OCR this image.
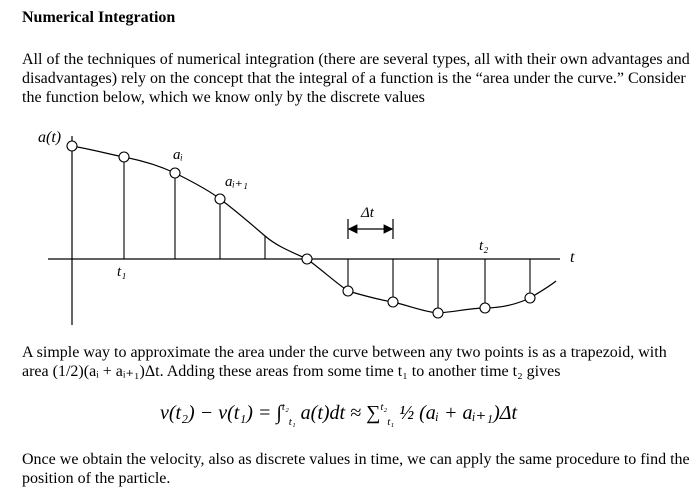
Numerical Integration
All of the techniques of numerical integration (there are several types, all with their own advantages and disadvantages) rely on the concept that the integral of a function is the “area under the curve.” Consider the function below, which we know only by the discrete values
a(t)
aᵢ
aᵢ₊₁
Δt
t
t₁
t₂
A simple way to approximate the area under the curve between any two points is as a trapezoid, with area (1/2)(aᵢ + aᵢ₊₁)Δt. Adding these areas from some time t₁ to another time t₂ gives
v(t₂) − v(t₁) = ∫$^{t_2}_{t_1}$ a(t)dt ≈ ∑$^{t_2}_{t_1}$ ½ (aᵢ + aᵢ₊₁)Δt
Once we obtain the velocity, also as discrete values in time, we can apply the same procedure to find the position of the particle.
